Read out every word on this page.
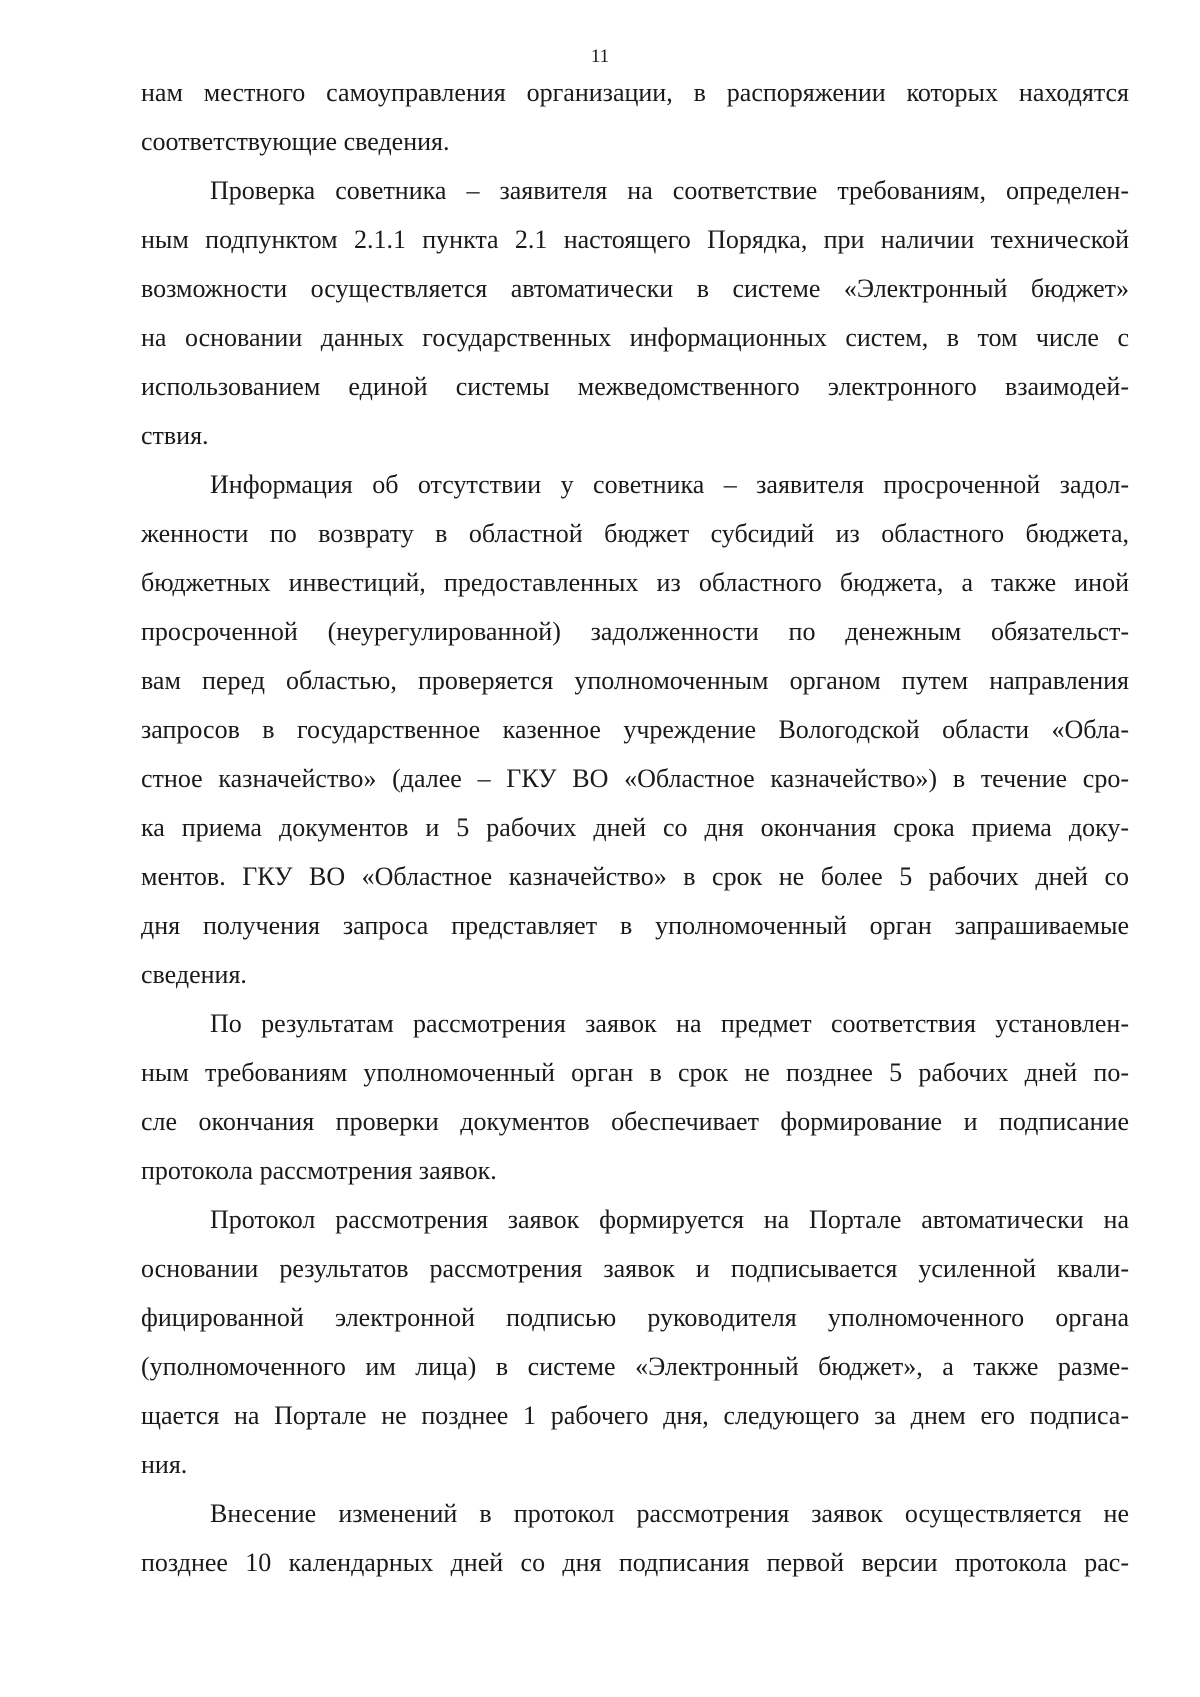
11
нам местного самоуправления организации, в распоряжении которых находятся
соответствующие сведения.
Проверка советника – заявителя на соответствие требованиям, определен-
ным подпунктом 2.1.1 пункта 2.1 настоящего Порядка, при наличии технической
возможности осуществляется автоматически в системе «Электронный бюджет»
на основании данных государственных информационных систем, в том числе с
использованием единой системы межведомственного электронного взаимодей-
ствия.
Информация об отсутствии у советника – заявителя просроченной задол-
женности по возврату в областной бюджет субсидий из областного бюджета,
бюджетных инвестиций, предоставленных из областного бюджета, а также иной
просроченной (неурегулированной) задолженности по денежным обязательст-
вам перед областью, проверяется уполномоченным органом путем направления
запросов в государственное казенное учреждение Вологодской области «Обла-
стное казначейство» (далее – ГКУ ВО «Областное казначейство») в течение сро-
ка приема документов и 5 рабочих дней со дня окончания срока приема доку-
ментов. ГКУ ВО «Областное казначейство» в срок не более 5 рабочих дней со
дня получения запроса представляет в уполномоченный орган запрашиваемые
сведения.
По результатам рассмотрения заявок на предмет соответствия установлен-
ным требованиям уполномоченный орган в срок не позднее 5 рабочих дней по-
сле окончания проверки документов обеспечивает формирование и подписание
протокола рассмотрения заявок.
Протокол рассмотрения заявок формируется на Портале автоматически на
основании результатов рассмотрения заявок и подписывается усиленной квали-
фицированной электронной подписью руководителя уполномоченного органа
(уполномоченного им лица) в системе «Электронный бюджет», а также разме-
щается на Портале не позднее 1 рабочего дня, следующего за днем его подписа-
ния.
Внесение изменений в протокол рассмотрения заявок осуществляется не
позднее 10 календарных дней со дня подписания первой версии протокола рас-
